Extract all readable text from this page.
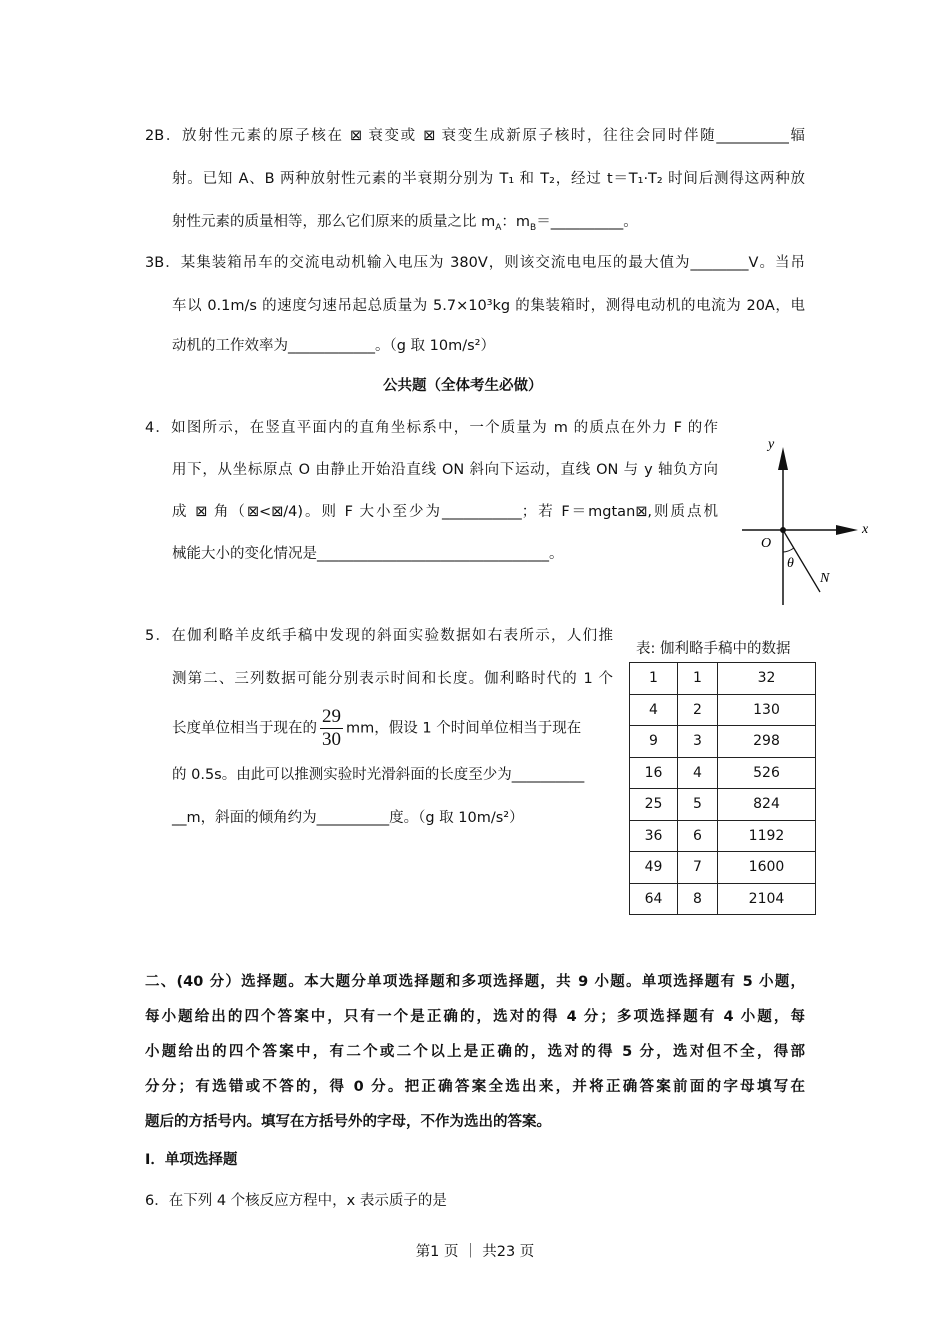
2B．放射性元素的原子核在 ⊠ 衰变或 ⊠ 衰变生成新原子核时，往往会同时伴随__________辐
射。已知 A、B 两种放射性元素的半衰期分别为 T₁ 和 T₂，经过 t＝T₁·T₂ 时间后测得这两种放
射性元素的质量相等，那么它们原来的质量之比 $m_A$：$m_B=\_\_\_\_\_\_\_\_\_\_$。
3B．某集装箱吊车的交流电动机输入电压为 380V，则该交流电电压的最大值为________V。当吊
车以 0.1m/s 的速度匀速吊起总质量为 5.7×10³kg 的集装箱时，测得电动机的电流为 20A，电
动机的工作效率为____________。（g 取 10m/s²）
公共题（全体考生必做）
4．如图所示，在竖直平面内的直角坐标系中，一个质量为 m 的质点在外力 F 的作
用下，从坐标原点 O 由静止开始沿直线 ON 斜向下运动，直线 ON 与 y 轴负方向
成 ⊠ 角（⊠<⊠/4)。则 F 大小至少为___________；若 F＝mgtan⊠,则质点机
械能大小的变化情况是________________________________。
y
x
O
θ
N
5．在伽利略羊皮纸手稿中发现的斜面实验数据如右表所示，人们推
测第二、三列数据可能分别表示时间和长度。伽利略时代的 1 个
长度单位相当于现在的 $\frac{29}{30}$ mm，假设 1 个时间单位相当于现在
的 0.5s。由此可以推测实验时光滑斜面的长度至少为__________
__m，斜面的倾角约为__________度。（g 取 10m/s²）
表: 伽利略手稿中的数据
1	1	32
4	2	130
9	3	298
16	4	526
25	5	824
36	6	1192
49	7	1600
64	8	2104
二、(40 分）选择题。本大题分单项选择题和多项选择题，共 9 小题。单项选择题有 5 小题，
每小题给出的四个答案中，只有一个是正确的，选对的得 4 分；多项选择题有 4 小题，每
小题给出的四个答案中，有二个或二个以上是正确的，选对的得 5 分，选对但不全，得部
分分；有选错或不答的，得 0 分。把正确答案全选出来，并将正确答案前面的字母填写在
题后的方括号内。填写在方括号外的字母，不作为选出的答案。
Ⅰ．单项选择题
6．在下列 4 个核反应方程中，x 表示质子的是
第1 页 ｜ 共23 页
